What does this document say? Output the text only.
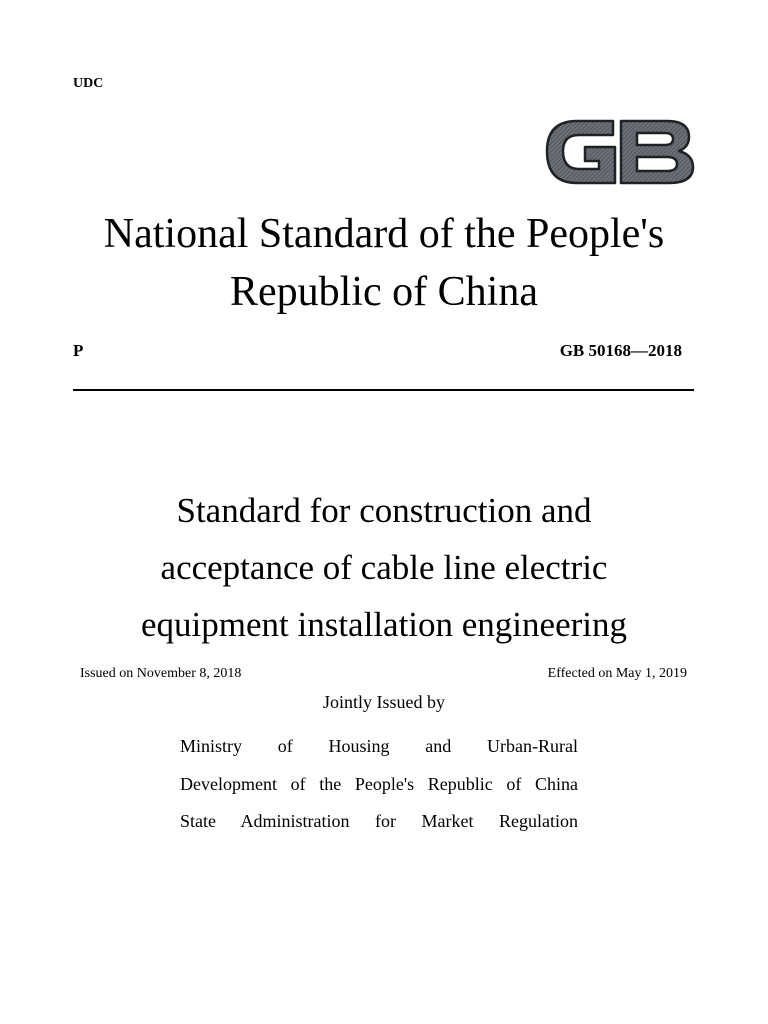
UDC
National Standard of the People's
Republic of China
P	GB 50168—2018
Standard for construction and
acceptance of cable line electric
equipment installation engineering
Issued on November 8, 2018	Effected on May 1, 2019
Jointly Issued by
Ministry of Housing and Urban-Rural
Development of the People's Republic of China
State Administration for Market Regulation
